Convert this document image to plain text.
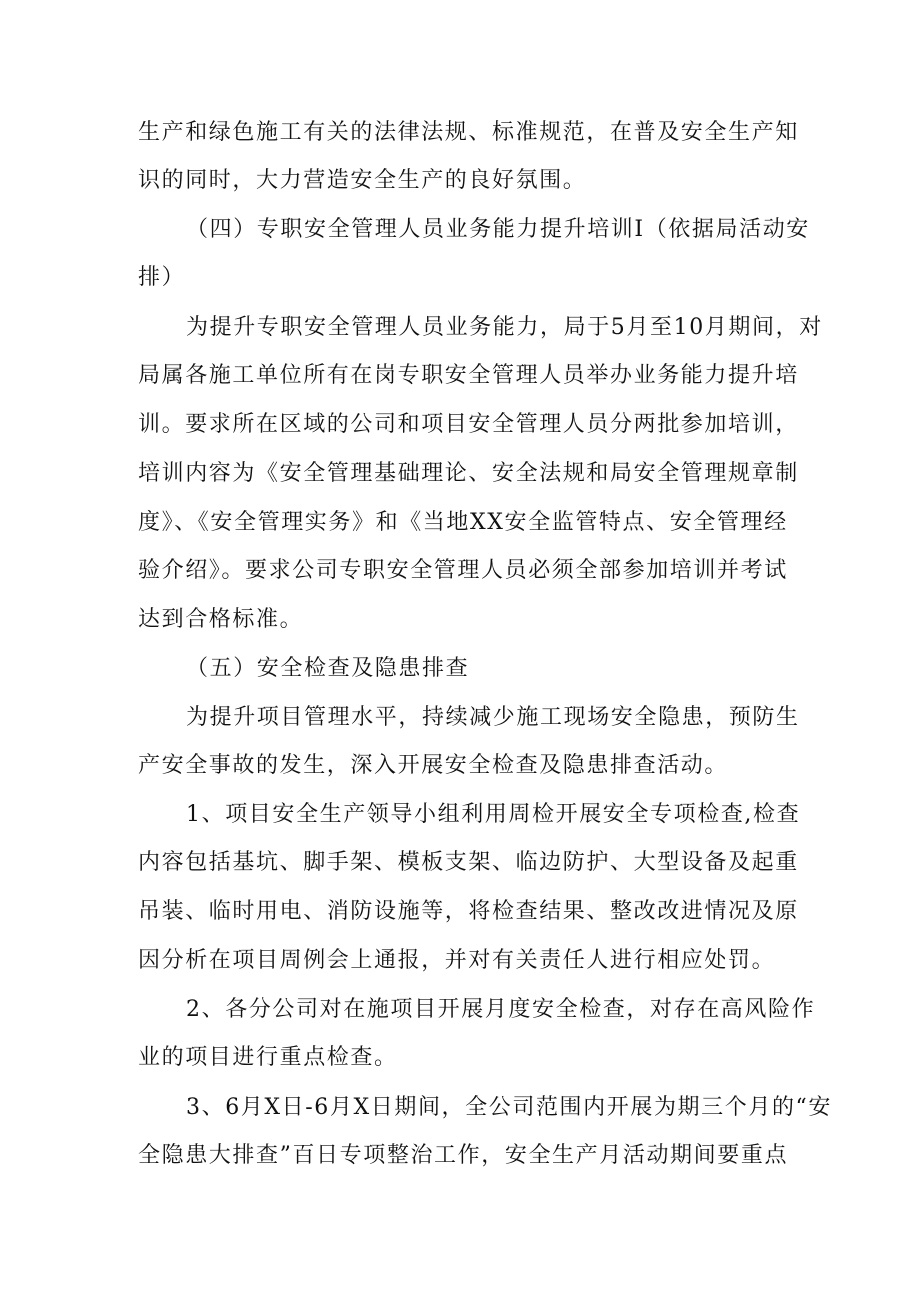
生产和绿色施工有关的法律法规、标准规范，在普及安全生产知
识的同时，大力营造安全生产的良好氛围。
（四）专职安全管理人员业务能力提升培训I（依据局活动安
排）
为提升专职安全管理人员业务能力，局于5月至10月期间，对
局属各施工单位所有在岗专职安全管理人员举办业务能力提升培
训。要求所在区域的公司和项目安全管理人员分两批参加培训，
培训内容为《安全管理基础理论、安全法规和局安全管理规章制
度》、《安全管理实务》和《当地XX安全监管特点、安全管理经
验介绍》。要求公司专职安全管理人员必须全部参加培训并考试
达到合格标准。
（五）安全检查及隐患排查
为提升项目管理水平，持续减少施工现场安全隐患，预防生
产安全事故的发生，深入开展安全检查及隐患排查活动。
1、项目安全生产领导小组利用周检开展安全专项检查,检查
内容包括基坑、脚手架、模板支架、临边防护、大型设备及起重
吊装、临时用电、消防设施等，将检查结果、整改改进情况及原
因分析在项目周例会上通报，并对有关责任人进行相应处罚。
2、各分公司对在施项目开展月度安全检查，对存在高风险作
业的项目进行重点检查。
3、6月X日-6月X日期间，全公司范围内开展为期三个月的“安
全隐患大排查”百日专项整治工作，安全生产月活动期间要重点
